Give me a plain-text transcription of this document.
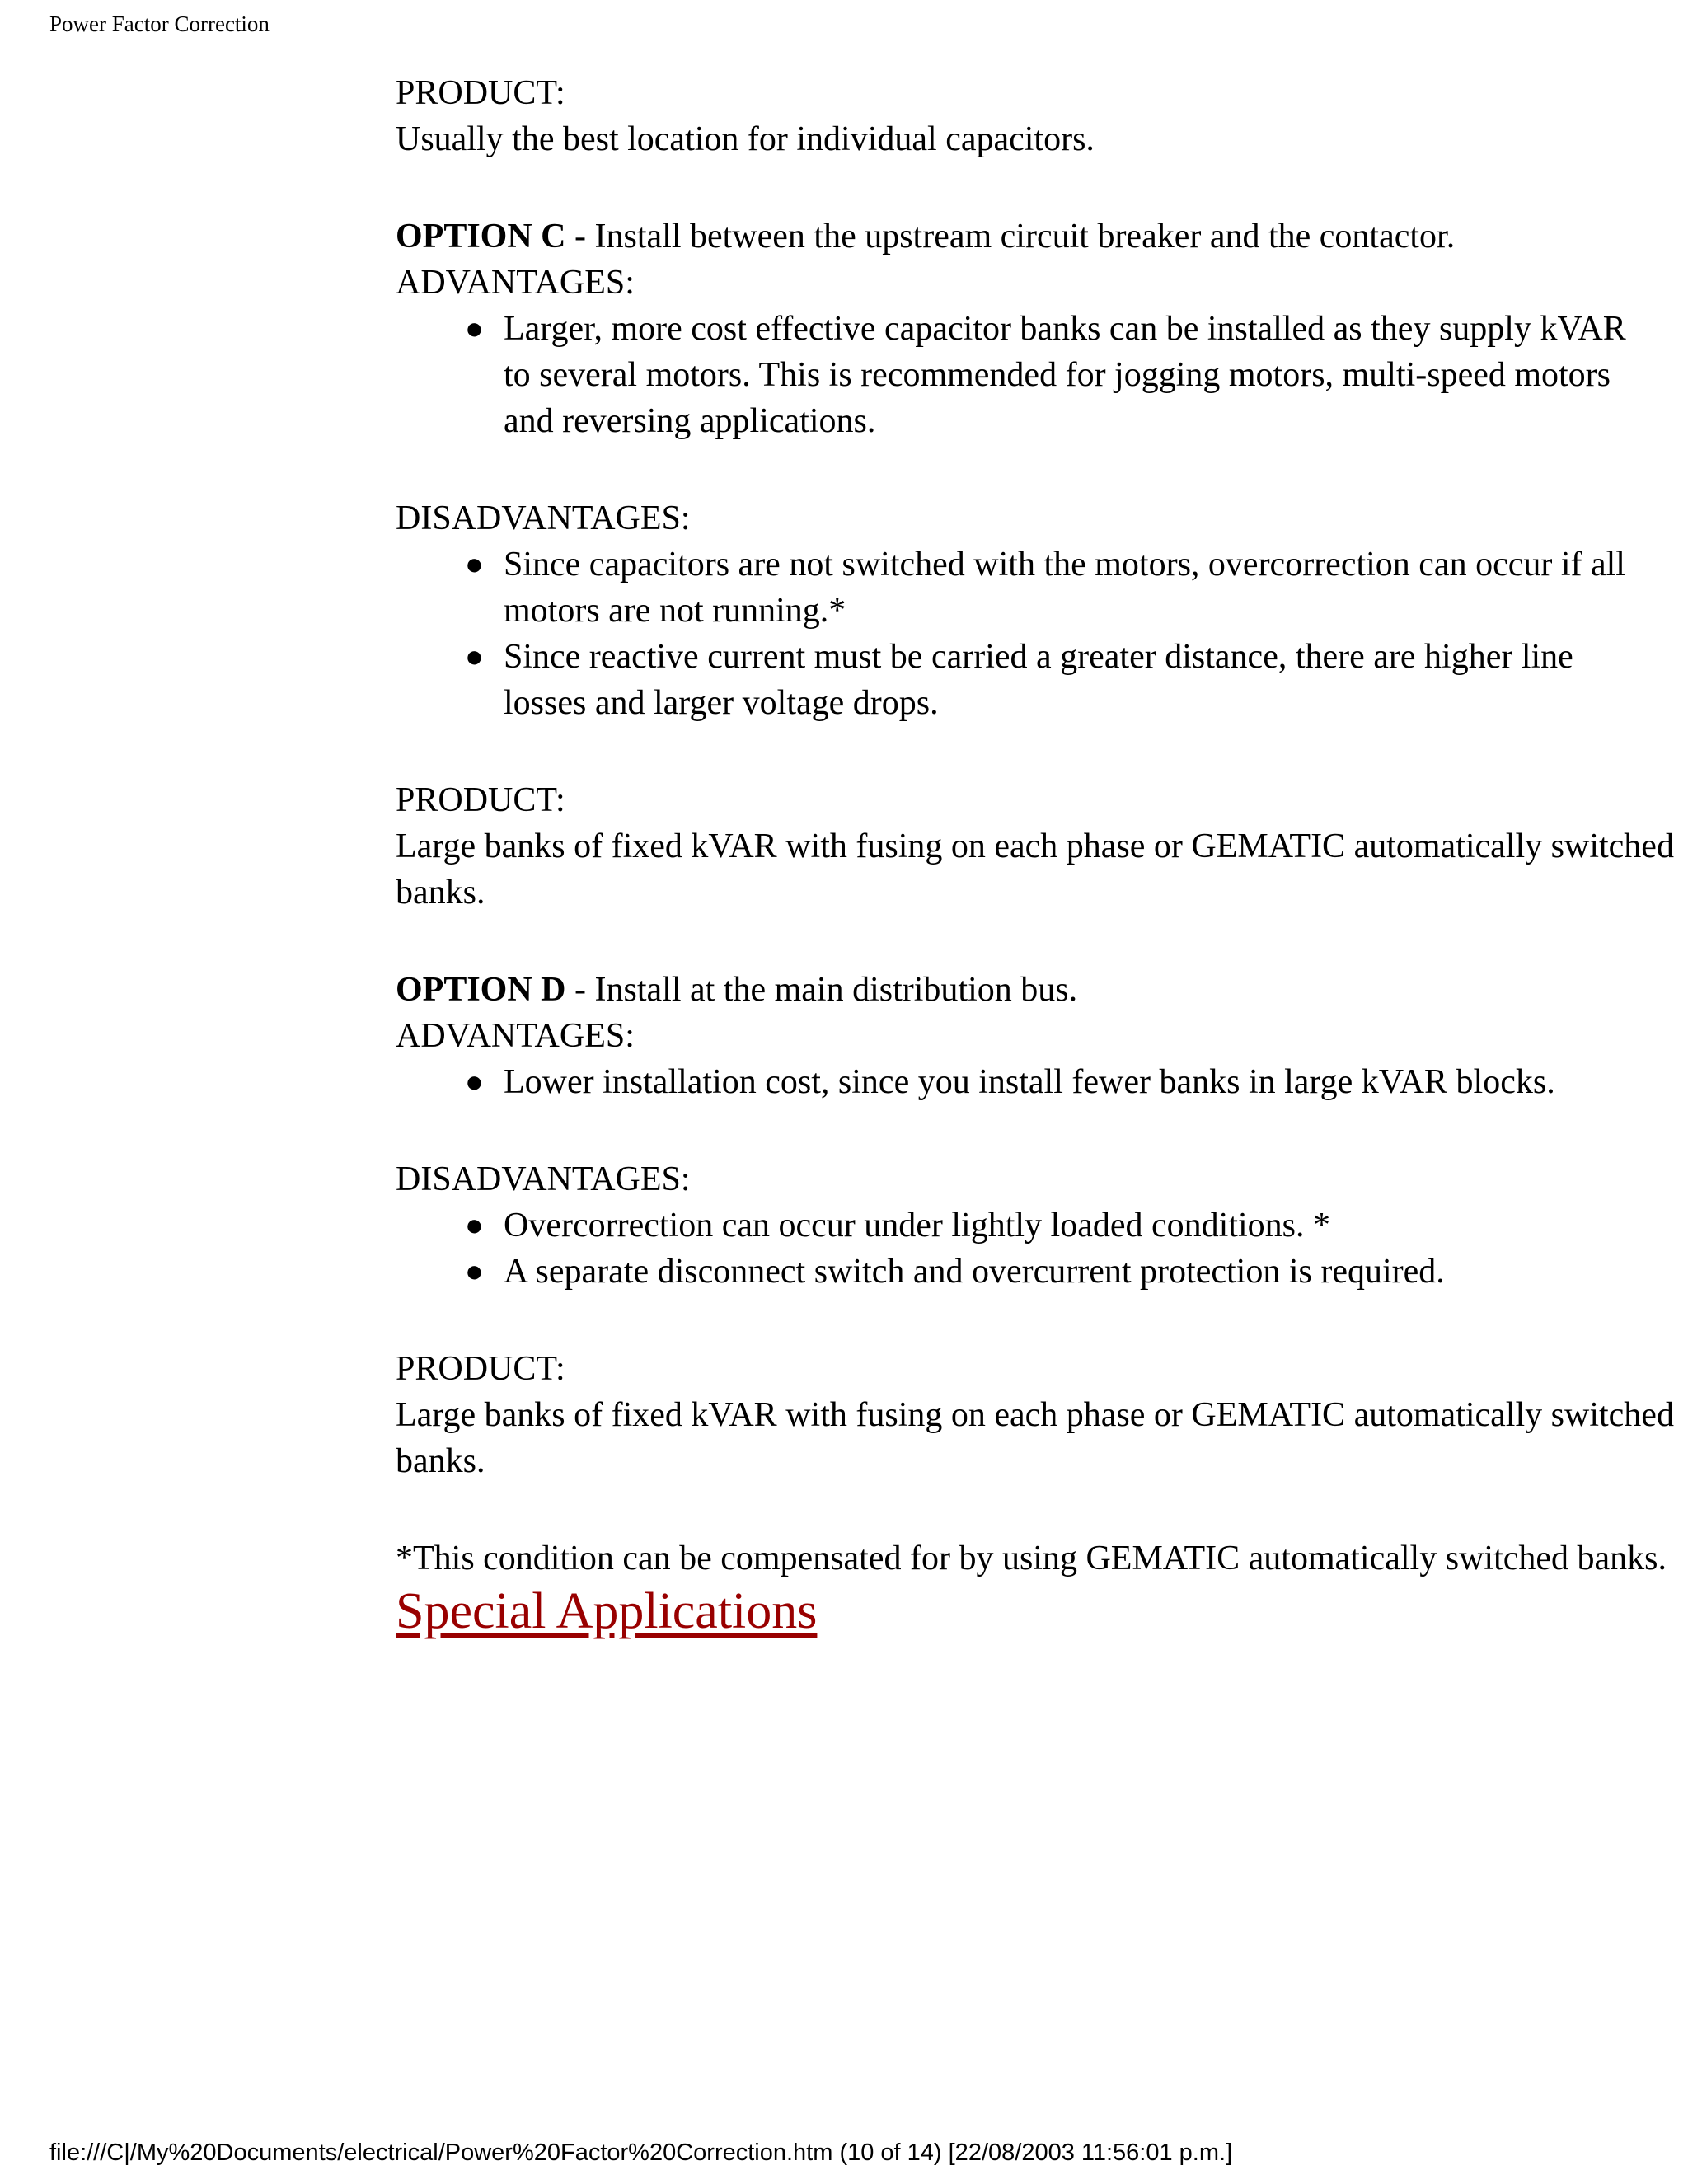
Power Factor Correction

PRODUCT:

Usually the best location for individual capacitors.

OPTION C - Install between the upstream circuit breaker and the contactor.

ADVANTAGES:

● Larger, more cost effective capacitor banks can be installed as they supply kVAR to several motors. This is recommended for jogging motors, multi-speed motors and reversing applications.

DISADVANTAGES:

● Since capacitors are not switched with the motors, overcorrection can occur if all motors are not running.*
● Since reactive current must be carried a greater distance, there are higher line losses and larger voltage drops.

PRODUCT:

Large banks of fixed kVAR with fusing on each phase or GEMATIC automatically switched banks.

OPTION D - Install at the main distribution bus.

ADVANTAGES:

● Lower installation cost, since you install fewer banks in large kVAR blocks.

DISADVANTAGES:

● Overcorrection can occur under lightly loaded conditions. *
● A separate disconnect switch and overcurrent protection is required.

PRODUCT:

Large banks of fixed kVAR with fusing on each phase or GEMATIC automatically switched banks.

*This condition can be compensated for by using GEMATIC automatically switched banks.

Special Applications
file:///C|/My%20Documents/electrical/Power%20Factor%20Correction.htm (10 of 14) [22/08/2003 11:56:01 p.m.]
